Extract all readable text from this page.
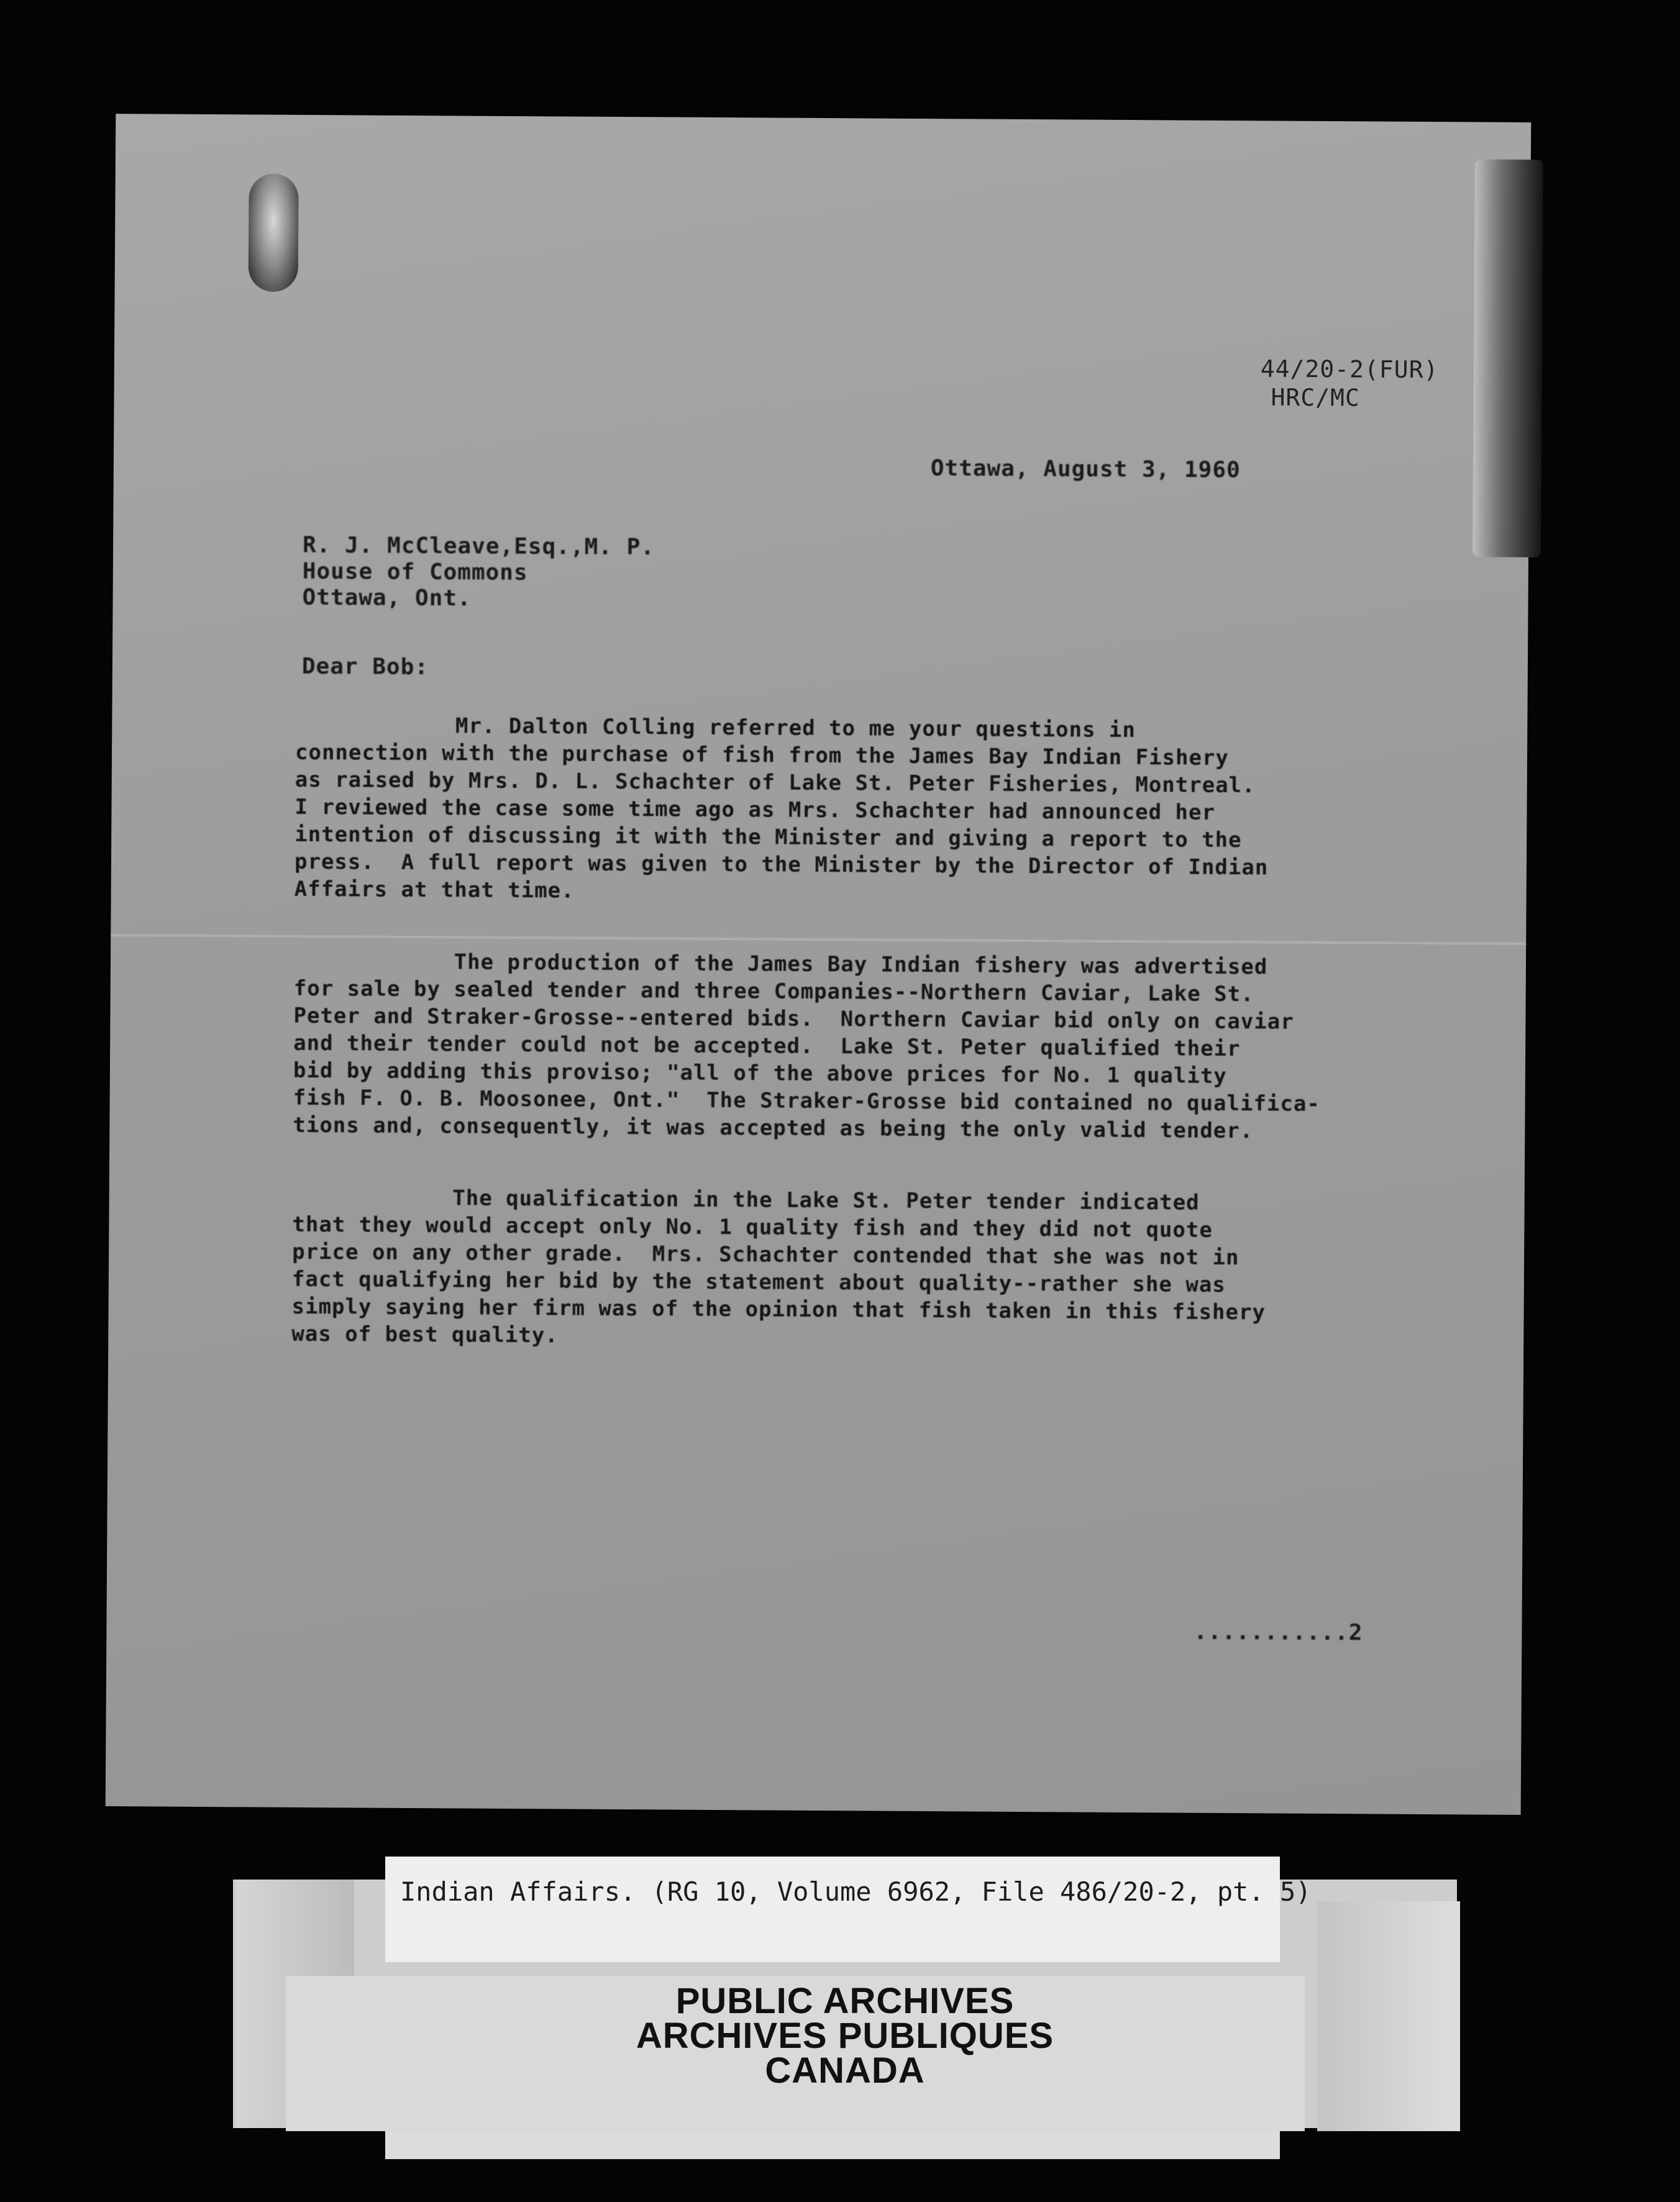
44/20-2(FUR)
HRC/MC
Ottawa, August 3, 1960
R. J. McCleave,Esq.,M. P.
House of Commons
Ottawa, Ont.
Dear Bob:
Mr. Dalton Colling referred to me your questions in
connection with the purchase of fish from the James Bay Indian Fishery
as raised by Mrs. D. L. Schachter of Lake St. Peter Fisheries, Montreal.
I reviewed the case some time ago as Mrs. Schachter had announced her
intention of discussing it with the Minister and giving a report to the
press.  A full report was given to the Minister by the Director of Indian
Affairs at that time.
The production of the James Bay Indian fishery was advertised
for sale by sealed tender and three Companies--Northern Caviar, Lake St.
Peter and Straker-Grosse--entered bids.  Northern Caviar bid only on caviar
and their tender could not be accepted.  Lake St. Peter qualified their
bid by adding this proviso; "all of the above prices for No. 1 quality
fish F. O. B. Moosonee, Ont."  The Straker-Grosse bid contained no qualifica-
tions and, consequently, it was accepted as being the only valid tender.
The qualification in the Lake St. Peter tender indicated
that they would accept only No. 1 quality fish and they did not quote
price on any other grade.  Mrs. Schachter contended that she was not in
fact qualifying her bid by the statement about quality--rather she was
simply saying her firm was of the opinion that fish taken in this fishery
was of best quality.
...........2
Indian Affairs. (RG 10, Volume 6962, File 486/20-2, pt. 5)
PUBLIC ARCHIVES
ARCHIVES PUBLIQUES
CANADA
